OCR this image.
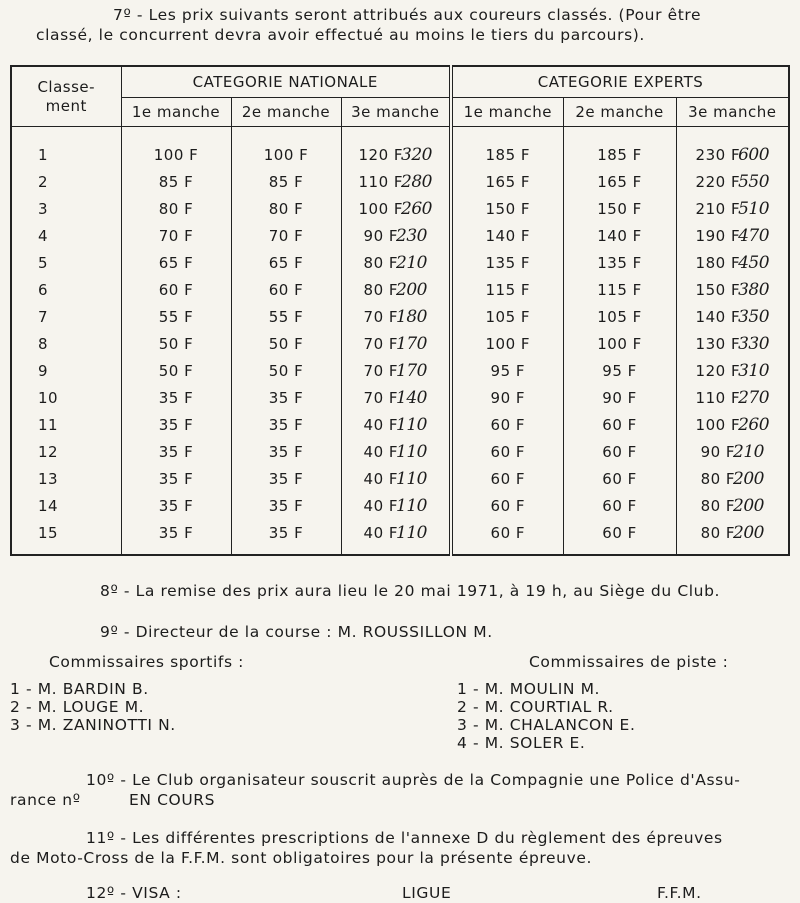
7º - Les prix suivants seront attribués aux coureurs classés. (Pour être

classé, le concurrent devra avoir effectué au moins le tiers du parcours).

Classe-
ment	CATEGORIE NATIONALE			CATEGORIE EXPERTS		
	1e manche	2e manche	3e manche	1e manche	2e manche	3e manche
1	100 F	100 F	120 F320	185 F	185 F	230 F600
2	85 F	85 F	110 F280	165 F	165 F	220 F550
3	80 F	80 F	100 F260	150 F	150 F	210 F510
4	70 F	70 F	90 F230	140 F	140 F	190 F470
5	65 F	65 F	80 F210	135 F	135 F	180 F450
6	60 F	60 F	80 F200	115 F	115 F	150 F380
7	55 F	55 F	70 F180	105 F	105 F	140 F350
8	50 F	50 F	70 F170	100 F	100 F	130 F330
9	50 F	50 F	70 F170	95 F	95 F	120 F310
10	35 F	35 F	70 F140	90 F	90 F	110 F270
11	35 F	35 F	40 F110	60 F	60 F	100 F260
12	35 F	35 F	40 F110	60 F	60 F	90 F210
13	35 F	35 F	40 F110	60 F	60 F	80 F200
14	35 F	35 F	40 F110	60 F	60 F	80 F200
15	35 F	35 F	40 F110	60 F	60 F	80 F200

8º - La remise des prix aura lieu le 20 mai 1971, à 19 h, au Siège du Club.

9º - Directeur de la course : M. ROUSSILLON M.

Commissaires sportifs :

1 - M. BARDIN B.

2 - M. LOUGE M.

3 - M. ZANINOTTI N.

Commissaires de piste :

1 - M. MOULIN M.

2 - M. COURTIAL R.

3 - M. CHALANCON E.

4 - M. SOLER E.

10º - Le Club organisateur souscrit auprès de la Compagnie une Police d'Assu-

rance nº	EN COURS

11º - Les différentes prescriptions de l'annexe D du règlement des épreuves

de Moto-Cross de la F.F.M. sont obligatoires pour la présente épreuve.

12º - VISA :	LIGUE	F.F.M.
